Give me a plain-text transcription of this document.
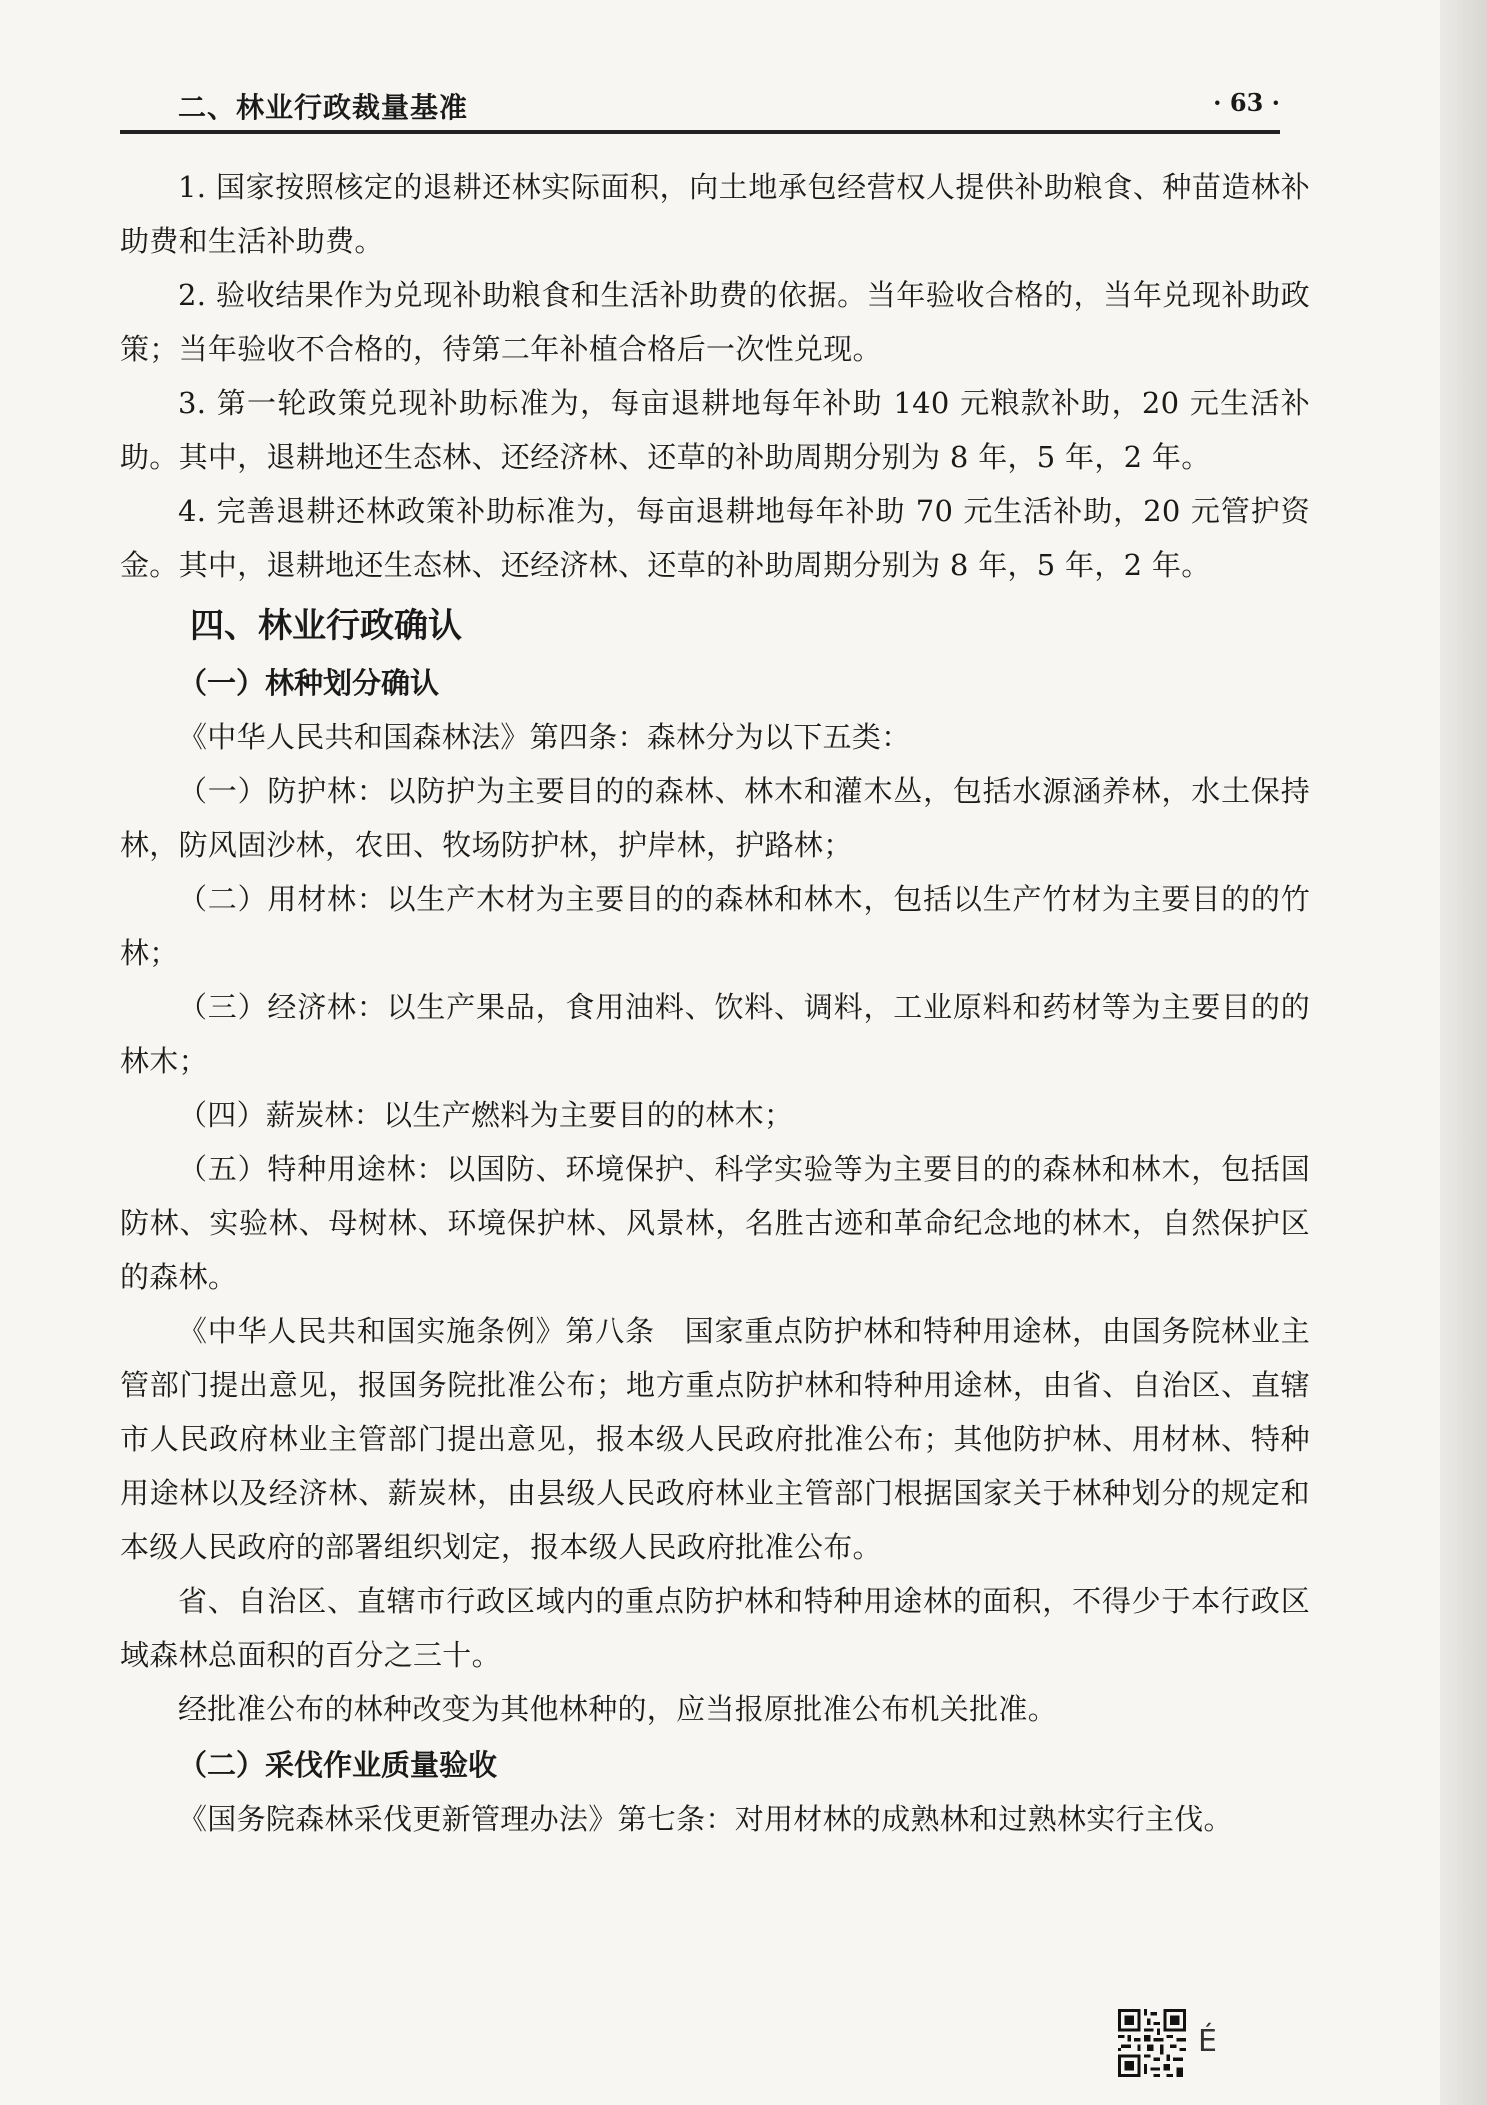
二、林业行政裁量基准	· 63 ·

1. 国家按照核定的退耕还林实际面积，向土地承包经营权人提供补助粮食、种苗造林补助费和生活补助费。

2. 验收结果作为兑现补助粮食和生活补助费的依据。当年验收合格的，当年兑现补助政策；当年验收不合格的，待第二年补植合格后一次性兑现。

3. 第一轮政策兑现补助标准为，每亩退耕地每年补助 140 元粮款补助，20 元生活补助。其中，退耕地还生态林、还经济林、还草的补助周期分别为 8 年，5 年，2 年。

4. 完善退耕还林政策补助标准为，每亩退耕地每年补助 70 元生活补助，20 元管护资金。其中，退耕地还生态林、还经济林、还草的补助周期分别为 8 年，5 年，2 年。

四、林业行政确认
（一）林种划分确认

《中华人民共和国森林法》第四条：森林分为以下五类：

（一）防护林：以防护为主要目的的森林、林木和灌木丛，包括水源涵养林，水土保持林，防风固沙林，农田、牧场防护林，护岸林，护路林；

（二）用材林：以生产木材为主要目的的森林和林木，包括以生产竹材为主要目的的竹林；

（三）经济林：以生产果品，食用油料、饮料、调料，工业原料和药材等为主要目的的林木；

（四）薪炭林：以生产燃料为主要目的的林木；

（五）特种用途林：以国防、环境保护、科学实验等为主要目的的森林和林木，包括国防林、实验林、母树林、环境保护林、风景林，名胜古迹和革命纪念地的林木，自然保护区的森林。

《中华人民共和国实施条例》第八条　国家重点防护林和特种用途林，由国务院林业主管部门提出意见，报国务院批准公布；地方重点防护林和特种用途林，由省、自治区、直辖市人民政府林业主管部门提出意见，报本级人民政府批准公布；其他防护林、用材林、特种用途林以及经济林、薪炭林，由县级人民政府林业主管部门根据国家关于林种划分的规定和本级人民政府的部署组织划定，报本级人民政府批准公布。

省、自治区、直辖市行政区域内的重点防护林和特种用途林的面积，不得少于本行政区域森林总面积的百分之三十。

经批准公布的林种改变为其他林种的，应当报原批准公布机关批准。

（二）采伐作业质量验收

《国务院森林采伐更新管理办法》第七条：对用材林的成熟林和过熟林实行主伐。

É
